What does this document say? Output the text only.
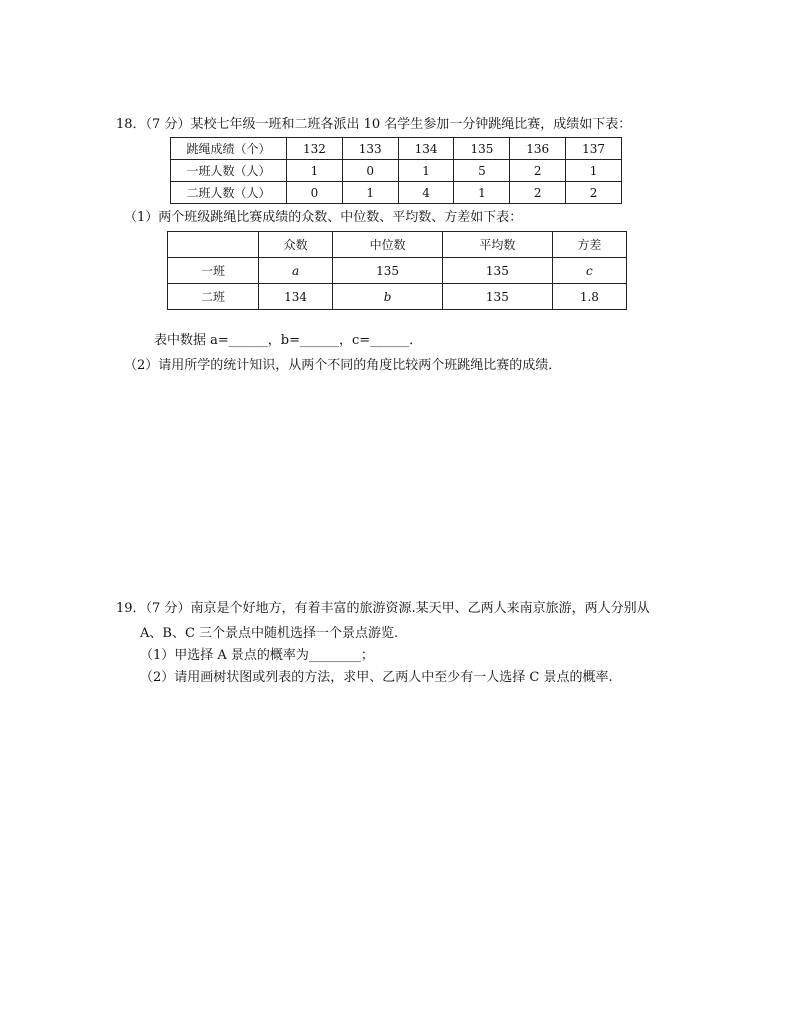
18．（7 分）某校七年级一班和二班各派出 10 名学生参加一分钟跳绳比赛，成绩如下表：
跳绳成绩（个）	132	133	134	135	136	137
一班人数（人）	1	0	1	5	2	1
二班人数（人）	0	1	4	1	2	2
（1）两个班级跳绳比赛成绩的众数、中位数、平均数、方差如下表：
	众数	中位数	平均数	方差
一班	a	135	135	c
二班	134	b	135	1.8
表中数据 a=______，b=______，c=______．
（2）请用所学的统计知识，从两个不同的角度比较两个班跳绳比赛的成绩．
19．（7 分）南京是个好地方，有着丰富的旅游资源.某天甲、乙两人来南京旅游，两人分别从
A、B、C 三个景点中随机选择一个景点游览.
（1）甲选择 A 景点的概率为________；
（2）请用画树状图或列表的方法，求甲、乙两人中至少有一人选择 C 景点的概率.
